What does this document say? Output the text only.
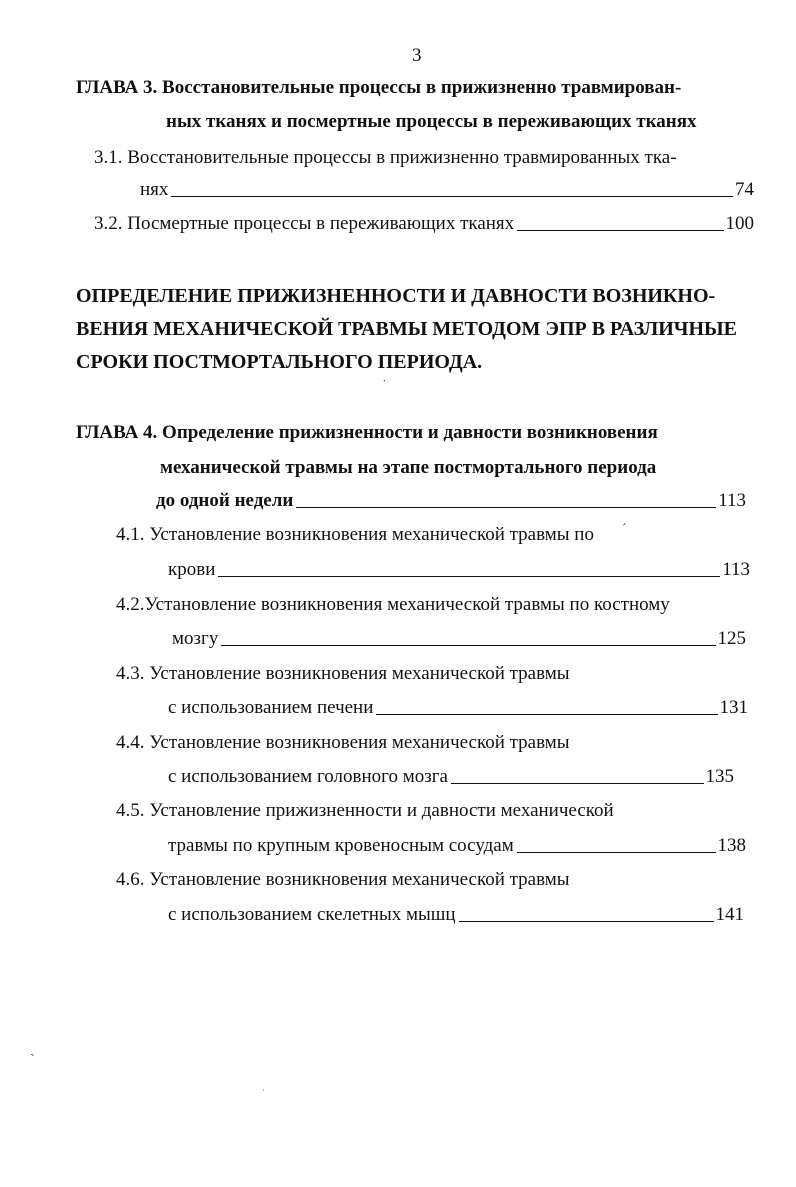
3
ГЛАВА 3. Восстановительные процессы в прижизненно травмирован-
ных тканях и посмертные процессы в переживающих тканях
3.1. Восстановительные процессы в прижизненно травмированных тка-
нях	74
3.2. Посмертные процессы в переживающих тканях	100
ОПРЕДЕЛЕНИЕ ПРИЖИЗНЕННОСТИ И ДАВНОСТИ ВОЗНИКНО-
ВЕНИЯ МЕХАНИЧЕСКОЙ ТРАВМЫ МЕТОДОМ ЭПР В РАЗЛИЧНЫЕ
СРОКИ ПОСТМОРТАЛЬНОГО ПЕРИОДА.
ГЛАВА 4. Определение прижизненности и давности возникновения
механической травмы на этапе постмортального периода
до одной недели	113
4.1. Установление возникновения механической травмы по
крови	113
4.2.Установление возникновения механической травмы по костному
мозгу	125
4.3. Установление возникновения механической травмы
с использованием печени	131
4.4. Установление возникновения механической травмы
с использованием головного мозга	135
4.5. Установление прижизненности и давности механической
травмы по крупным кровеносным сосудам	138
4.6. Установление возникновения механической травмы
с использованием скелетных мышц	141
˙
ˊ
ˏ
·
